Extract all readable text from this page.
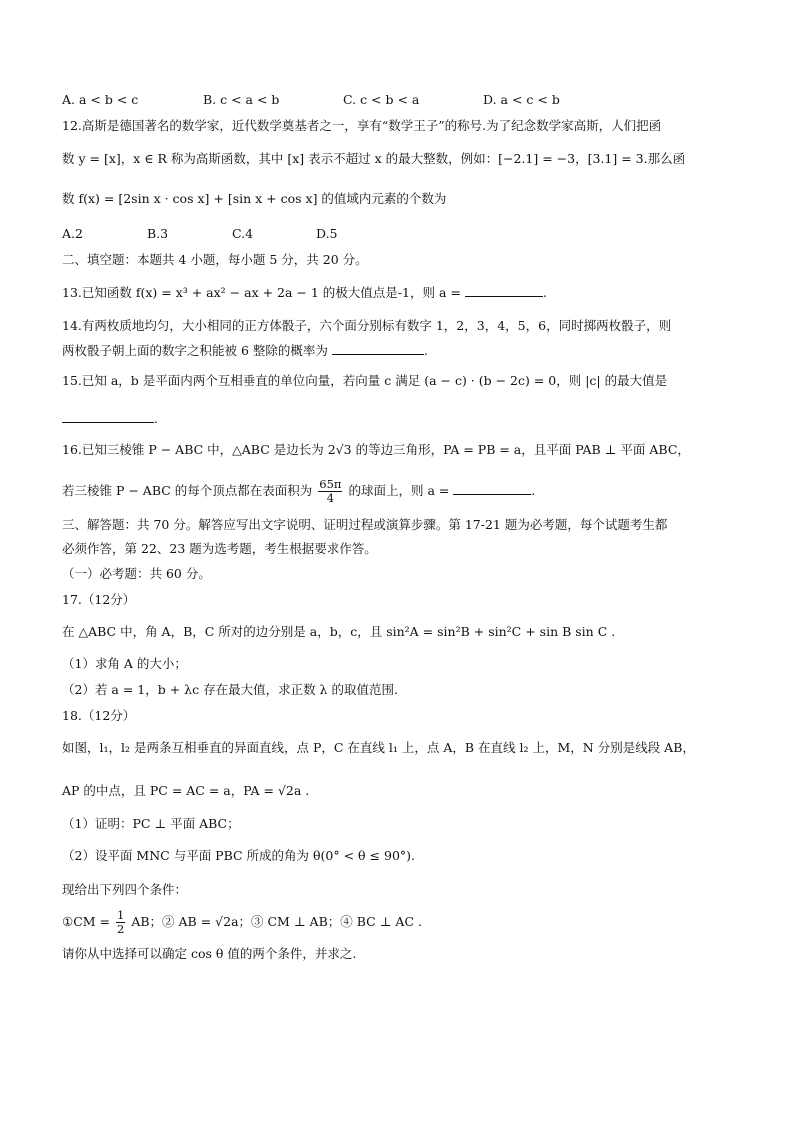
A. a < b < c	B. c < a < b	C. c < b < a	D. a < c < b
12.高斯是德国著名的数学家，近代数学奠基者之一，享有“数学王子”的称号.为了纪念数学家高斯，人们把函
数 y = [x]，x ∈ R 称为高斯函数，其中 [x] 表示不超过 x 的最大整数，例如：[−2.1] = −3，[3.1] = 3.那么函
数 f(x) = [2sin x · cos x] + [sin x + cos x] 的值域内元素的个数为
A.2	B.3	C.4	D.5
二、填空题：本题共 4 小题，每小题 5 分，共 20 分。
13.已知函数 f(x) = x³ + ax² − ax + 2a − 1 的极大值点是-1，则 a =	.
14.有两枚质地均匀，大小相同的正方体骰子，六个面分别标有数字 1，2，3，4，5，6，同时掷两枚骰子，则
两枚骰子朝上面的数字之积能被 6 整除的概率为	.
15.已知 a，b 是平面内两个互相垂直的单位向量，若向量 c 满足 (a − c) · (b − 2c) = 0，则 |c| 的最大值是
.
16.已知三棱锥 P − ABC 中，△ABC 是边长为 2√3 的等边三角形，PA = PB = a，且平面 PAB ⊥ 平面 ABC，
若三棱锥 P − ABC 的每个顶点都在表面积为 $\frac{65\pi}{4}$ 的球面上，则 a =	.
三、解答题：共 70 分。解答应写出文字说明、证明过程或演算步骤。第 17-21 题为必考题，每个试题考生都
必须作答，第 22、23 题为选考题，考生根据要求作答。
（一）必考题：共 60 分。
17.（12分）
在 △ABC 中，角 A，B，C 所对的边分别是 a，b，c，且 sin²A = sin²B + sin²C + sin B sin C .
（1）求角 A 的大小；
（2）若 a = 1，b + λc 存在最大值，求正数 λ 的取值范围.
18.（12分）
如图，l₁，l₂ 是两条互相垂直的异面直线，点 P，C 在直线 l₁ 上，点 A，B 在直线 l₂ 上，M，N 分别是线段 AB，
AP 的中点，且 PC = AC = a，PA = √2a .
（1）证明：PC ⊥ 平面 ABC；
（2）设平面 MNC 与平面 PBC 所成的角为 θ(0° < θ ≤ 90°).
现给出下列四个条件：
①CM = $\frac{1}{2}$ AB；② AB = √2a；③ CM ⊥ AB；④ BC ⊥ AC .
请你从中选择可以确定 cos θ 值的两个条件，并求之.
